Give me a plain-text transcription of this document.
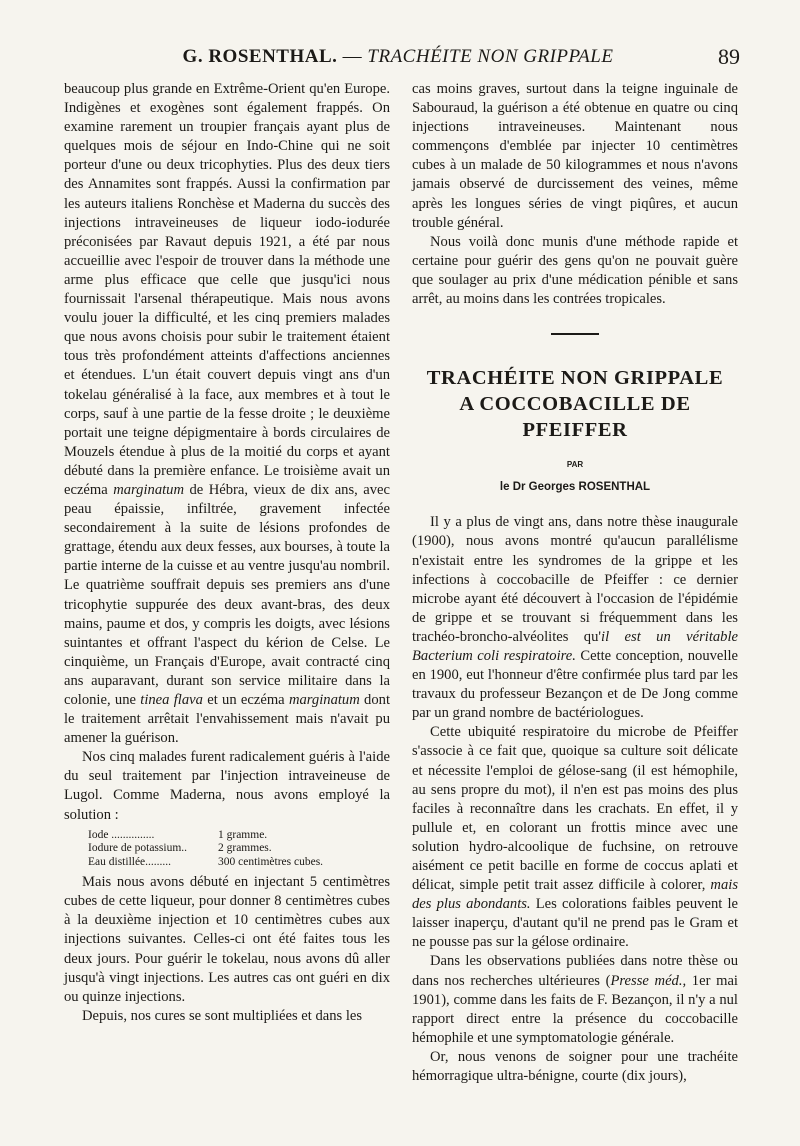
G. ROSENTHAL. — TRACHÉITE NON GRIPPALE	89

beaucoup plus grande en Extrême-Orient qu'en Europe. Indigènes et exogènes sont également frappés. On examine rarement un troupier français ayant plus de quelques mois de séjour en Indo-Chine qui ne soit porteur d'une ou deux tricophyties. Plus des deux tiers des Annamites sont frappés. Aussi la confirmation par les auteurs italiens Ronchèse et Maderna du succès des injections intraveineuses de liqueur iodo-iodurée préconisées par Ravaut depuis 1921, a été par nous accueillie avec l'espoir de trouver dans la méthode une arme plus efficace que celle que jusqu'ici nous fournissait l'arsenal thérapeutique. Mais nous avons voulu jouer la difficulté, et les cinq premiers malades que nous avons choisis pour subir le traitement étaient tous très profondément atteints d'affections anciennes et étendues. L'un était couvert depuis vingt ans d'un tokelau généralisé à la face, aux membres et à tout le corps, sauf à une partie de la fesse droite ; le deuxième portait une teigne dépigmentaire à bords circulaires de Mouzels étendue à plus de la moitié du corps et ayant débuté dans la première enfance. Le troisième avait un eczéma marginatum de Hébra, vieux de dix ans, avec peau épaissie, infiltrée, gravement infectée secondairement à la suite de lésions profondes de grattage, étendu aux deux fesses, aux bourses, à toute la partie interne de la cuisse et au ventre jusqu'au nombril. Le quatrième souffrait depuis ses premiers ans d'une tricophytie suppurée des deux avant-bras, des deux mains, paume et dos, y compris les doigts, avec lésions suintantes et offrant l'aspect du kérion de Celse. Le cinquième, un Français d'Europe, avait contracté cinq ans auparavant, durant son service militaire dans la colonie, une tinea flava et un eczéma marginatum dont le traitement arrêtait l'envahissement mais n'avait pu amener la guérison.

Nos cinq malades furent radicalement guéris à l'aide du seul traitement par l'injection intraveineuse de Lugol. Comme Maderna, nous avons employé la solution :

Iode ...............	1 gramme.
Iodure de potassium..	2 grammes.
Eau distillée.........	300 centimètres cubes.

Mais nous avons débuté en injectant 5 centimètres cubes de cette liqueur, pour donner 8 centimètres cubes à la deuxième injection et 10 centimètres cubes aux injections suivantes. Celles-ci ont été faites tous les deux jours. Pour guérir le tokelau, nous avons dû aller jusqu'à vingt injections. Les autres cas ont guéri en dix ou quinze injections.

Depuis, nos cures se sont multipliées et dans les

cas moins graves, surtout dans la teigne inguinale de Sabouraud, la guérison a été obtenue en quatre ou cinq injections intraveineuses. Maintenant nous commençons d'emblée par injecter 10 centimètres cubes à un malade de 50 kilogrammes et nous n'avons jamais observé de durcissement des veines, même après les longues séries de vingt piqûres, et aucun trouble général.

Nous voilà donc munis d'une méthode rapide et certaine pour guérir des gens qu'on ne pouvait guère que soulager au prix d'une médication pénible et sans arrêt, au moins dans les contrées tropicales.

TRACHÉITE NON GRIPPALE
A COCCOBACILLE DE
PFEIFFER
PAR
le Dr Georges ROSENTHAL

Il y a plus de vingt ans, dans notre thèse inaugurale (1900), nous avons montré qu'aucun parallélisme n'existait entre les syndromes de la grippe et les infections à coccobacille de Pfeiffer : ce dernier microbe ayant été découvert à l'occasion de l'épidémie de grippe et se trouvant si fréquemment dans les trachéo-broncho-alvéolites qu'il est un véritable Bacterium coli respiratoire. Cette conception, nouvelle en 1900, eut l'honneur d'être confirmée plus tard par les travaux du professeur Bezançon et de De Jong comme par un grand nombre de bactériologues.

Cette ubiquité respiratoire du microbe de Pfeiffer s'associe à ce fait que, quoique sa culture soit délicate et nécessite l'emploi de gélose-sang (il est hémophile, au sens propre du mot), il n'en est pas moins des plus faciles à reconnaître dans les crachats. En effet, il y pullule et, en colorant un frottis mince avec une solution hydro-alcoolique de fuchsine, on retrouve aisément ce petit bacille en forme de coccus aplati et délicat, simple petit trait assez difficile à colorer, mais des plus abondants. Les colorations faibles peuvent le laisser inaperçu, d'autant qu'il ne prend pas le Gram et ne pousse pas sur la gélose ordinaire.

Dans les observations publiées dans notre thèse ou dans nos recherches ultérieures (Presse méd., 1er mai 1901), comme dans les faits de F. Bezançon, il n'y a nul rapport direct entre la présence du coccobacille hémophile et une symptomatologie générale.

Or, nous venons de soigner pour une trachéite hémorragique ultra-bénigne, courte (dix jours),
